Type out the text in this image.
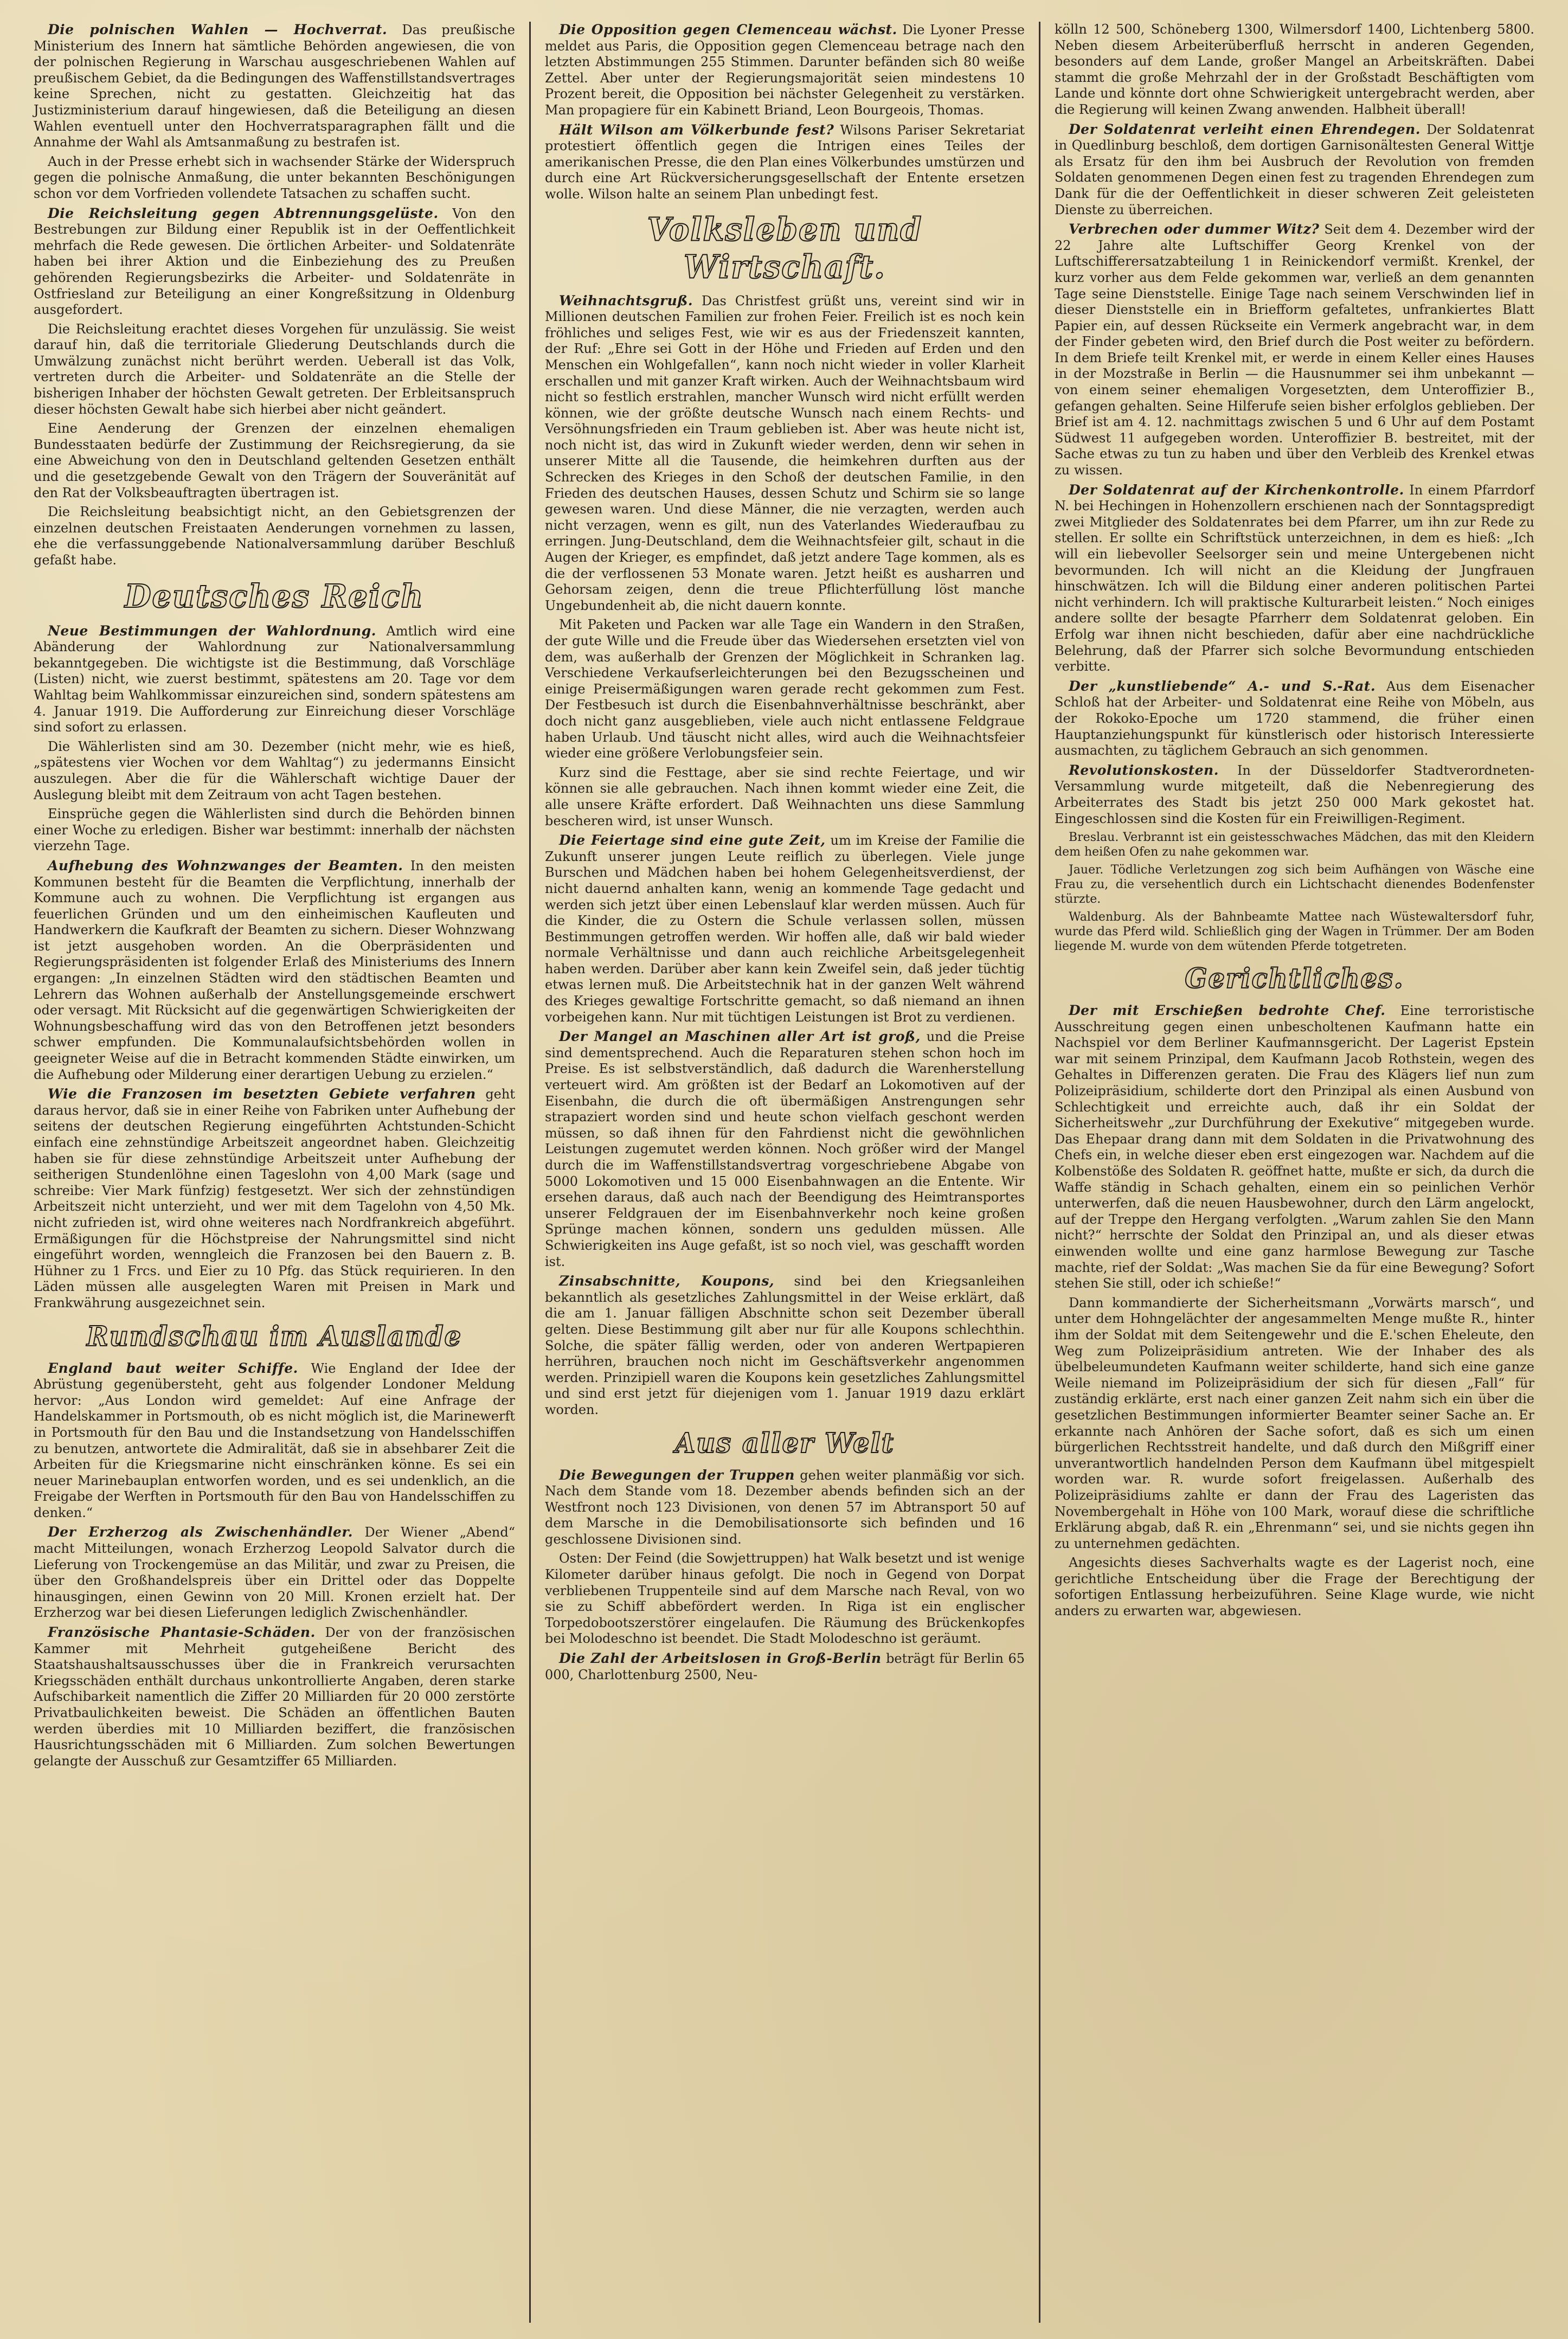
Die polnischen Wahlen — Hochverrat. Das preußische Ministerium des Innern hat sämtliche Behörden angewiesen, die von der polnischen Regierung in Warschau ausgeschriebenen Wahlen auf preußischem Gebiet, da die Bedingungen des Waffenstillstandsvertrages keine Sprechen, nicht zu gestatten. Gleichzeitig hat das Justizministerium darauf hingewiesen, daß die Beteiligung an diesen Wahlen eventuell unter den Hochverratsparagraphen fällt und die Annahme der Wahl als Amtsanmaßung zu bestrafen ist.

Auch in der Presse erhebt sich in wachsender Stärke der Widerspruch gegen die polnische Anmaßung, die unter bekannten Beschönigungen schon vor dem Vorfrieden vollendete Tatsachen zu schaffen sucht.

Die Reichsleitung gegen Abtrennungsgelüste. Von den Bestrebungen zur Bildung einer Republik ist in der Oeffentlichkeit mehrfach die Rede gewesen. Die örtlichen Arbeiter- und Soldatenräte haben bei ihrer Aktion und die Einbeziehung des zu Preußen gehörenden Regierungsbezirks die Arbeiter- und Soldatenräte in Ostfriesland zur Beteiligung an einer Kongreßsitzung in Oldenburg ausgefordert.

Die Reichsleitung erachtet dieses Vorgehen für unzulässig. Sie weist darauf hin, daß die territoriale Gliederung Deutschlands durch die Umwälzung zunächst nicht berührt werden. Ueberall ist das Volk, vertreten durch die Arbeiter- und Soldatenräte an die Stelle der bisherigen Inhaber der höchsten Gewalt getreten. Der Erbleitsanspruch dieser höchsten Gewalt habe sich hierbei aber nicht geändert.

Eine Aenderung der Grenzen der einzelnen ehemaligen Bundesstaaten bedürfe der Zustimmung der Reichsregierung, da sie eine Abweichung von den in Deutschland geltenden Gesetzen enthält und die gesetzgebende Gewalt von den Trägern der Souveränität auf den Rat der Volksbeauftragten übertragen ist.

Die Reichsleitung beabsichtigt nicht, an den Gebietsgrenzen der einzelnen deutschen Freistaaten Aenderungen vornehmen zu lassen, ehe die verfassunggebende Nationalversammlung darüber Beschluß gefaßt habe.

Deutsches Reich

Neue Bestimmungen der Wahlordnung. Amtlich wird eine Abänderung der Wahlordnung zur Nationalversammlung bekanntgegeben. Die wichtigste ist die Bestimmung, daß Vorschläge (Listen) nicht, wie zuerst bestimmt, spätestens am 20. Tage vor dem Wahltag beim Wahlkommissar einzureichen sind, sondern spätestens am 4. Januar 1919. Die Aufforderung zur Einreichung dieser Vorschläge sind sofort zu erlassen.

Die Wählerlisten sind am 30. Dezember (nicht mehr, wie es hieß, „spätestens vier Wochen vor dem Wahltag“) zu jedermanns Einsicht auszulegen. Aber die für die Wählerschaft wichtige Dauer der Auslegung bleibt mit dem Zeitraum von acht Tagen bestehen.

Einsprüche gegen die Wählerlisten sind durch die Behörden binnen einer Woche zu erledigen. Bisher war bestimmt: innerhalb der nächsten vierzehn Tage.

Aufhebung des Wohnzwanges der Beamten. In den meisten Kommunen besteht für die Beamten die Verpflichtung, innerhalb der Kommune auch zu wohnen. Die Verpflichtung ist ergangen aus feuerlichen Gründen und um den einheimischen Kaufleuten und Handwerkern die Kaufkraft der Beamten zu sichern. Dieser Wohnzwang ist jetzt ausgehoben worden. An die Oberpräsidenten und Regierungspräsidenten ist folgender Erlaß des Ministeriums des Innern ergangen: „In einzelnen Städten wird den städtischen Beamten und Lehrern das Wohnen außerhalb der Anstellungsgemeinde erschwert oder versagt. Mit Rücksicht auf die gegenwärtigen Schwierigkeiten der Wohnungsbeschaffung wird das von den Betroffenen jetzt besonders schwer empfunden. Die Kommunalaufsichtsbehörden wollen in geeigneter Weise auf die in Betracht kommenden Städte einwirken, um die Aufhebung oder Milderung einer derartigen Uebung zu erzielen.“

Wie die Franzosen im besetzten Gebiete verfahren geht daraus hervor, daß sie in einer Reihe von Fabriken unter Aufhebung der seitens der deutschen Regierung eingeführten Achtstunden-Schicht einfach eine zehnstündige Arbeitszeit angeordnet haben. Gleichzeitig haben sie für diese zehnstündige Arbeitszeit unter Aufhebung der seitherigen Stundenlöhne einen Tageslohn von 4,00 Mark (sage und schreibe: Vier Mark fünfzig) festgesetzt. Wer sich der zehnstündigen Arbeitszeit nicht unterzieht, und wer mit dem Tagelohn von 4,50 Mk. nicht zufrieden ist, wird ohne weiteres nach Nordfrankreich abgeführt. Ermäßigungen für die Höchstpreise der Nahrungsmittel sind nicht eingeführt worden, wenngleich die Franzosen bei den Bauern z. B. Hühner zu 1 Frcs. und Eier zu 10 Pfg. das Stück requirieren. In den Läden müssen alle ausgelegten Waren mit Preisen in Mark und Frankwährung ausgezeichnet sein.

Rundschau im Auslande

England baut weiter Schiffe. Wie England der Idee der Abrüstung gegenübersteht, geht aus folgender Londoner Meldung hervor: „Aus London wird gemeldet: Auf eine Anfrage der Handelskammer in Portsmouth, ob es nicht möglich ist, die Marinewerft in Portsmouth für den Bau und die Instandsetzung von Handelsschiffen zu benutzen, antwortete die Admiralität, daß sie in absehbarer Zeit die Arbeiten für die Kriegsmarine nicht einschränken könne. Es sei ein neuer Marinebauplan entworfen worden, und es sei undenklich, an die Freigabe der Werften in Portsmouth für den Bau von Handelsschiffen zu denken.“

Der Erzherzog als Zwischenhändler. Der Wiener „Abend“ macht Mitteilungen, wonach Erzherzog Leopold Salvator durch die Lieferung von Trockengemüse an das Militär, und zwar zu Preisen, die über den Großhandelspreis über ein Drittel oder das Doppelte hinausgingen, einen Gewinn von 20 Mill. Kronen erzielt hat. Der Erzherzog war bei diesen Lieferungen lediglich Zwischenhändler.

Französische Phantasie-Schäden. Der von der französischen Kammer mit Mehrheit gutgeheißene Bericht des Staatshaushaltsausschusses über die in Frankreich verursachten Kriegsschäden enthält durchaus unkontrollierte Angaben, deren starke Aufschibarkeit namentlich die Ziffer 20 Milliarden für 20 000 zerstörte Privatbaulichkeiten beweist. Die Schäden an öffentlichen Bauten werden überdies mit 10 Milliarden beziffert, die französischen Hausrichtungsschäden mit 6 Milliarden. Zum solchen Bewertungen gelangte der Ausschuß zur Gesamtziffer 65 Milliarden.

Die Opposition gegen Clemenceau wächst. Die Lyoner Presse meldet aus Paris, die Opposition gegen Clemenceau betrage nach den letzten Abstimmungen 255 Stimmen. Darunter befänden sich 80 weiße Zettel. Aber unter der Regierungsmajorität seien mindestens 10 Prozent bereit, die Opposition bei nächster Gelegenheit zu verstärken. Man propagiere für ein Kabinett Briand, Leon Bourgeois, Thomas.

Hält Wilson am Völkerbunde fest? Wilsons Pariser Sekretariat protestiert öffentlich gegen die Intrigen eines Teiles der amerikanischen Presse, die den Plan eines Völkerbundes umstürzen und durch eine Art Rückversicherungsgesellschaft der Entente ersetzen wolle. Wilson halte an seinem Plan unbedingt fest.

Volksleben und Wirtschaft.

Weihnachtsgruß. Das Christfest grüßt uns, vereint sind wir in Millionen deutschen Familien zur frohen Feier. Freilich ist es noch kein fröhliches und seliges Fest, wie wir es aus der Friedenszeit kannten, der Ruf: „Ehre sei Gott in der Höhe und Frieden auf Erden und den Menschen ein Wohlgefallen“, kann noch nicht wieder in voller Klarheit erschallen und mit ganzer Kraft wirken. Auch der Weihnachtsbaum wird nicht so festlich erstrahlen, mancher Wunsch wird nicht erfüllt werden können, wie der größte deutsche Wunsch nach einem Rechts- und Versöhnungsfrieden ein Traum geblieben ist. Aber was heute nicht ist, noch nicht ist, das wird in Zukunft wieder werden, denn wir sehen in unserer Mitte all die Tausende, die heimkehren durften aus der Schrecken des Krieges in den Schoß der deutschen Familie, in den Frieden des deutschen Hauses, dessen Schutz und Schirm sie so lange gewesen waren. Und diese Männer, die nie verzagten, werden auch nicht verzagen, wenn es gilt, nun des Vaterlandes Wiederaufbau zu erringen. Jung-Deutschland, dem die Weihnachtsfeier gilt, schaut in die Augen der Krieger, es empfindet, daß jetzt andere Tage kommen, als es die der verflossenen 53 Monate waren. Jetzt heißt es ausharren und Gehorsam zeigen, denn die treue Pflichterfüllung löst manche Ungebundenheit ab, die nicht dauern konnte.

Mit Paketen und Packen war alle Tage ein Wandern in den Straßen, der gute Wille und die Freude über das Wiedersehen ersetzten viel von dem, was außerhalb der Grenzen der Möglichkeit in Schranken lag. Verschiedene Verkaufserleichterungen bei den Bezugsscheinen und einige Preisermäßigungen waren gerade recht gekommen zum Fest. Der Festbesuch ist durch die Eisenbahnverhältnisse beschränkt, aber doch nicht ganz ausgeblieben, viele auch nicht entlassene Feldgraue haben Urlaub. Und täuscht nicht alles, wird auch die Weihnachtsfeier wieder eine größere Verlobungsfeier sein.

Kurz sind die Festtage, aber sie sind rechte Feiertage, und wir können sie alle gebrauchen. Nach ihnen kommt wieder eine Zeit, die alle unsere Kräfte erfordert. Daß Weihnachten uns diese Sammlung bescheren wird, ist unser Wunsch.

Die Feiertage sind eine gute Zeit, um im Kreise der Familie die Zukunft unserer jungen Leute reiflich zu überlegen. Viele junge Burschen und Mädchen haben bei hohem Gelegenheitsverdienst, der nicht dauernd anhalten kann, wenig an kommende Tage gedacht und werden sich jetzt über einen Lebenslauf klar werden müssen. Auch für die Kinder, die zu Ostern die Schule verlassen sollen, müssen Bestimmungen getroffen werden. Wir hoffen alle, daß wir bald wieder normale Verhältnisse und dann auch reichliche Arbeitsgelegenheit haben werden. Darüber aber kann kein Zweifel sein, daß jeder tüchtig etwas lernen muß. Die Arbeitstechnik hat in der ganzen Welt während des Krieges gewaltige Fortschritte gemacht, so daß niemand an ihnen vorbeigehen kann. Nur mit tüchtigen Leistungen ist Brot zu verdienen.

Der Mangel an Maschinen aller Art ist groß, und die Preise sind dementsprechend. Auch die Reparaturen stehen schon hoch im Preise. Es ist selbstverständlich, daß dadurch die Warenherstellung verteuert wird. Am größten ist der Bedarf an Lokomotiven auf der Eisenbahn, die durch die oft übermäßigen Anstrengungen sehr strapaziert worden sind und heute schon vielfach geschont werden müssen, so daß ihnen für den Fahrdienst nicht die gewöhnlichen Leistungen zugemutet werden können. Noch größer wird der Mangel durch die im Waffenstillstandsvertrag vorgeschriebene Abgabe von 5000 Lokomotiven und 15 000 Eisenbahnwagen an die Entente. Wir ersehen daraus, daß auch nach der Beendigung des Heimtransportes unserer Feldgrauen der im Eisenbahnverkehr noch keine großen Sprünge machen können, sondern uns gedulden müssen. Alle Schwierigkeiten ins Auge gefaßt, ist so noch viel, was geschafft worden ist.

Zinsabschnitte, Koupons, sind bei den Kriegsanleihen bekanntlich als gesetzliches Zahlungsmittel in der Weise erklärt, daß die am 1. Januar fälligen Abschnitte schon seit Dezember überall gelten. Diese Bestimmung gilt aber nur für alle Koupons schlechthin. Solche, die später fällig werden, oder von anderen Wertpapieren herrühren, brauchen noch nicht im Geschäftsverkehr angenommen werden. Prinzipiell waren die Koupons kein gesetzliches Zahlungsmittel und sind erst jetzt für diejenigen vom 1. Januar 1919 dazu erklärt worden.

Aus aller Welt

Die Bewegungen der Truppen gehen weiter planmäßig vor sich. Nach dem Stande vom 18. Dezember abends befinden sich an der Westfront noch 123 Divisionen, von denen 57 im Abtransport 50 auf dem Marsche in die Demobilisationsorte sich befinden und 16 geschlossene Divisionen sind.

Osten: Der Feind (die Sowjettruppen) hat Walk besetzt und ist wenige Kilometer darüber hinaus gefolgt. Die noch in Gegend von Dorpat verbliebenen Truppenteile sind auf dem Marsche nach Reval, von wo sie zu Schiff abbefördert werden. In Riga ist ein englischer Torpedobootszerstörer eingelaufen. Die Räumung des Brückenkopfes bei Molodeschno ist beendet. Die Stadt Molodeschno ist geräumt.

Die Zahl der Arbeitslosen in Groß-Berlin beträgt für Berlin 65 000, Charlottenburg 2500, Neu-

kölln 12 500, Schöneberg 1300, Wilmersdorf 1400, Lichtenberg 5800. Neben diesem Arbeiterüberfluß herrscht in anderen Gegenden, besonders auf dem Lande, großer Mangel an Arbeitskräften. Dabei stammt die große Mehrzahl der in der Großstadt Beschäftigten vom Lande und könnte dort ohne Schwierigkeit untergebracht werden, aber die Regierung will keinen Zwang anwenden. Halbheit überall!

Der Soldatenrat verleiht einen Ehrendegen. Der Soldatenrat in Quedlinburg beschloß, dem dortigen Garnisonältesten General Wittje als Ersatz für den ihm bei Ausbruch der Revolution von fremden Soldaten genommenen Degen einen fest zu tragenden Ehrendegen zum Dank für die der Oeffentlichkeit in dieser schweren Zeit geleisteten Dienste zu überreichen.

Verbrechen oder dummer Witz? Seit dem 4. Dezember wird der 22 Jahre alte Luftschiffer Georg Krenkel von der Luftschifferersatzabteilung 1 in Reinickendorf vermißt. Krenkel, der kurz vorher aus dem Felde gekommen war, verließ an dem genannten Tage seine Dienststelle. Einige Tage nach seinem Verschwinden lief in dieser Dienststelle ein in Briefform gefaltetes, unfrankiertes Blatt Papier ein, auf dessen Rückseite ein Vermerk angebracht war, in dem der Finder gebeten wird, den Brief durch die Post weiter zu befördern. In dem Briefe teilt Krenkel mit, er werde in einem Keller eines Hauses in der Mozstraße in Berlin — die Hausnummer sei ihm unbekannt — von einem seiner ehemaligen Vorgesetzten, dem Unteroffizier B., gefangen gehalten. Seine Hilferufe seien bisher erfolglos geblieben. Der Brief ist am 4. 12. nachmittags zwischen 5 und 6 Uhr auf dem Postamt Südwest 11 aufgegeben worden. Unteroffizier B. bestreitet, mit der Sache etwas zu tun zu haben und über den Verbleib des Krenkel etwas zu wissen.

Der Soldatenrat auf der Kirchenkontrolle. In einem Pfarrdorf N. bei Hechingen in Hohenzollern erschienen nach der Sonntagspredigt zwei Mitglieder des Soldatenrates bei dem Pfarrer, um ihn zur Rede zu stellen. Er sollte ein Schriftstück unterzeichnen, in dem es hieß: „Ich will ein liebevoller Seelsorger sein und meine Untergebenen nicht bevormunden. Ich will nicht an die Kleidung der Jungfrauen hinschwätzen. Ich will die Bildung einer anderen politischen Partei nicht verhindern. Ich will praktische Kulturarbeit leisten.“ Noch einiges andere sollte der besagte Pfarrherr dem Soldatenrat geloben. Ein Erfolg war ihnen nicht beschieden, dafür aber eine nachdrückliche Belehrung, daß der Pfarrer sich solche Bevormundung entschieden verbitte.

Der „kunstliebende“ A.- und S.-Rat. Aus dem Eisenacher Schloß hat der Arbeiter- und Soldatenrat eine Reihe von Möbeln, aus der Rokoko-Epoche um 1720 stammend, die früher einen Hauptanziehungspunkt für künstlerisch oder historisch Interessierte ausmachten, zu täglichem Gebrauch an sich genommen.

Revolutionskosten. In der Düsseldorfer Stadtverordneten-Versammlung wurde mitgeteilt, daß die Nebenregierung des Arbeiterrates des Stadt bis jetzt 250 000 Mark gekostet hat. Eingeschlossen sind die Kosten für ein Freiwilligen-Regiment.

Breslau. Verbrannt ist ein geistesschwaches Mädchen, das mit den Kleidern dem heißen Ofen zu nahe gekommen war.

Jauer. Tödliche Verletzungen zog sich beim Aufhängen von Wäsche eine Frau zu, die versehentlich durch ein Lichtschacht dienendes Bodenfenster stürzte.

Waldenburg. Als der Bahnbeamte Mattee nach Wüstewaltersdorf fuhr, wurde das Pferd wild. Schließlich ging der Wagen in Trümmer. Der am Boden liegende M. wurde von dem wütenden Pferde totgetreten.

Gerichtliches.

Der mit Erschießen bedrohte Chef. Eine terroristische Ausschreitung gegen einen unbescholtenen Kaufmann hatte ein Nachspiel vor dem Berliner Kaufmannsgericht. Der Lagerist Epstein war mit seinem Prinzipal, dem Kaufmann Jacob Rothstein, wegen des Gehaltes in Differenzen geraten. Die Frau des Klägers lief nun zum Polizeipräsidium, schilderte dort den Prinzipal als einen Ausbund von Schlechtigkeit und erreichte auch, daß ihr ein Soldat der Sicherheitswehr „zur Durchführung der Exekutive“ mitgegeben wurde. Das Ehepaar drang dann mit dem Soldaten in die Privatwohnung des Chefs ein, in welche dieser eben erst eingezogen war. Nachdem auf die Kolbenstöße des Soldaten R. geöffnet hatte, mußte er sich, da durch die Waffe ständig in Schach gehalten, einem ein so peinlichen Verhör unterwerfen, daß die neuen Hausbewohner, durch den Lärm angelockt, auf der Treppe den Hergang verfolgten. „Warum zahlen Sie den Mann nicht?“ herrschte der Soldat den Prinzipal an, und als dieser etwas einwenden wollte und eine ganz harmlose Bewegung zur Tasche machte, rief der Soldat: „Was machen Sie da für eine Bewegung? Sofort stehen Sie still, oder ich schieße!“

Dann kommandierte der Sicherheitsmann „Vorwärts marsch“, und unter dem Hohngelächter der angesammelten Menge mußte R., hinter ihm der Soldat mit dem Seitengewehr und die E.'schen Eheleute, den Weg zum Polizeipräsidium antreten. Wie der Inhaber des als übelbeleumundeten Kaufmann weiter schilderte, hand sich eine ganze Weile niemand im Polizeipräsidium der sich für diesen „Fall“ für zuständig erklärte, erst nach einer ganzen Zeit nahm sich ein über die gesetzlichen Bestimmungen informierter Beamter seiner Sache an. Er erkannte nach Anhören der Sache sofort, daß es sich um einen bürgerlichen Rechtsstreit handelte, und daß durch den Mißgriff einer unverantwortlich handelnden Person dem Kaufmann übel mitgespielt worden war. R. wurde sofort freigelassen. Außerhalb des Polizeipräsidiums zahlte er dann der Frau des Lageristen das Novembergehalt in Höhe von 100 Mark, worauf diese die schriftliche Erklärung abgab, daß R. ein „Ehrenmann“ sei, und sie nichts gegen ihn zu unternehmen gedächten.

Angesichts dieses Sachverhalts wagte es der Lagerist noch, eine gerichtliche Entscheidung über die Frage der Berechtigung der sofortigen Entlassung herbeizuführen. Seine Klage wurde, wie nicht anders zu erwarten war, abgewiesen.
